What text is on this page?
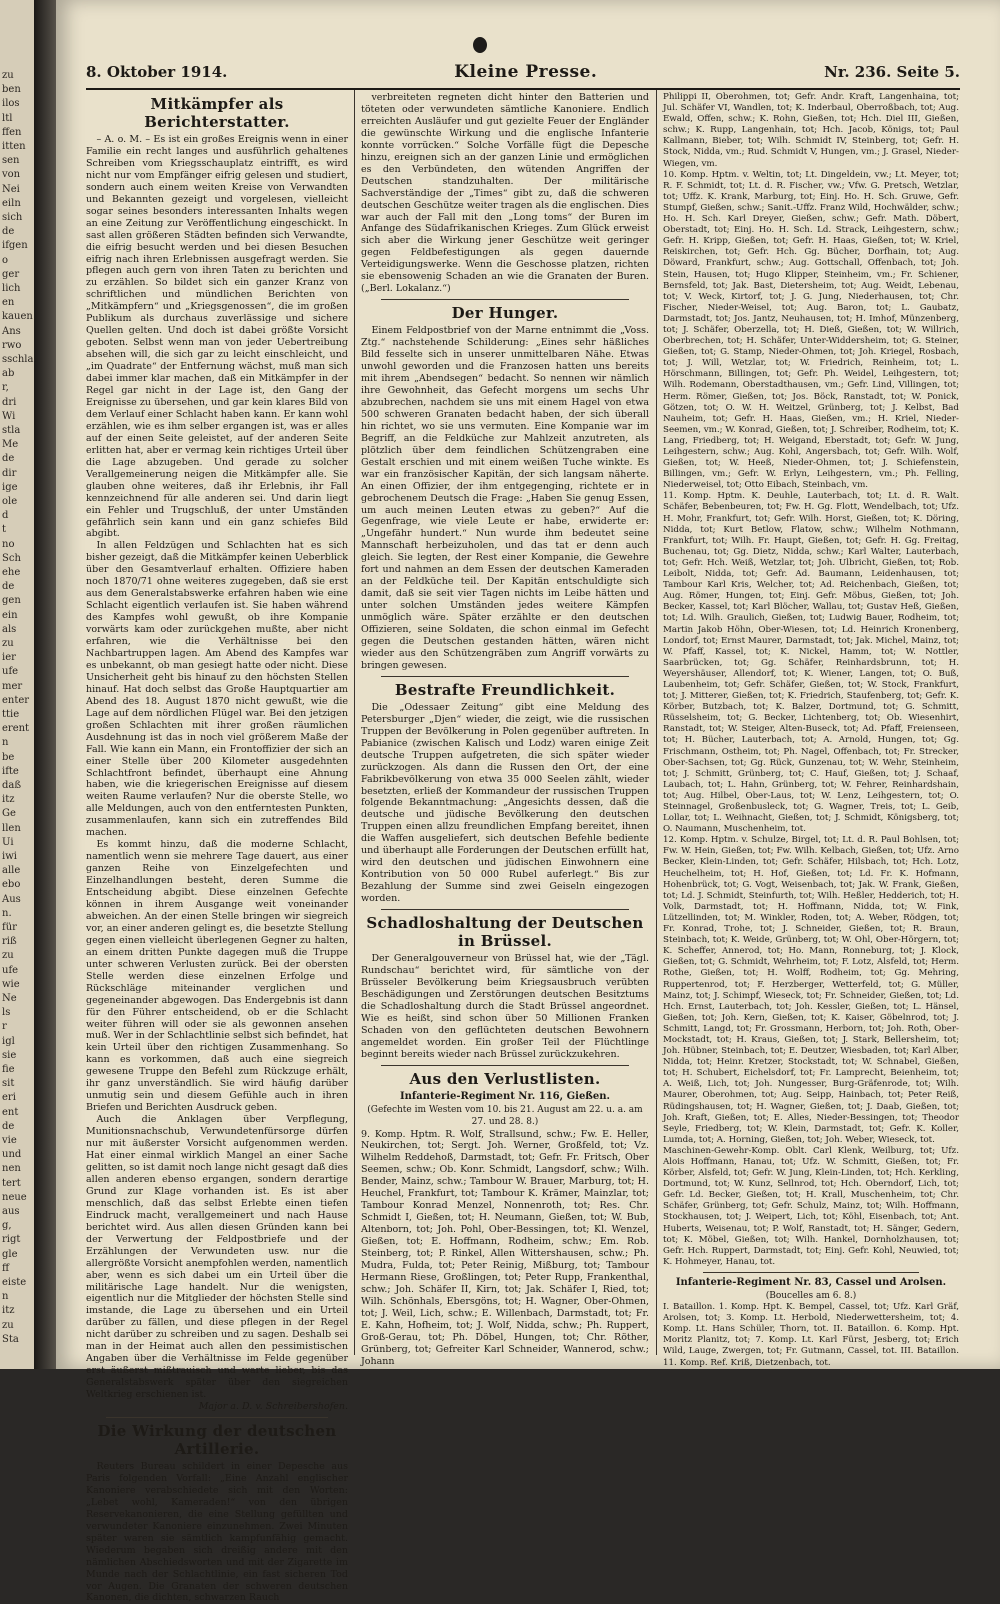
zu
ben
ilos
ltl
ffen
itten
sen
von
Nei
eiln
sich
de
ifgen
o
ger
lich
en
kauen
Ans
rwo
sschla
ab
r,
dri
Wi
stla
Me
de
dir
ige
ole
d
t
no
Sch
ehe
de
gen
ein
als
zu
ier
ufe
mer
enter
ttie
erent
n
be
ifte
daß
itz
Ge
llen
Ui
iwi
alle
ebo
Aus
n.
für
riß
zu
ufe
wie
Ne
ls
r
igl
sie
fie
sit
eri
ent
de
vie
und
nen
tert
neue
aus
g,
rigt
gle
ff
eiste
n
itz
zu
Sta
8. Oktober 1914.	Kleine Presse.	Nr. 236. Seite 5.
Mitkämpfer als Berichterstatter.

– A. o. M. – Es ist ein großes Ereignis wenn in einer Familie ein recht langes und ausführlich gehaltenes Schreiben vom Kriegsschauplatz eintrifft, es wird nicht nur vom Empfänger eifrig gelesen und studiert, sondern auch einem weiten Kreise von Verwandten und Bekannten gezeigt und vorgelesen, vielleicht sogar seines besonders interessanten Inhalts wegen an eine Zeitung zur Veröffentlichung eingeschickt. In sast allen größeren Städten befinden sich Verwandte, die eifrig besucht werden und bei diesen Besuchen eifrig nach ihren Erlebnissen ausgefragt werden. Sie pflegen auch gern von ihren Taten zu berichten und zu erzählen. So bildet sich ein ganzer Kranz von schriftlichen und mündlichen Berichten von „Mitkämpfern“ und „Kriegsgenossen“, die im großen Publikum als durchaus zuverlässige und sichere Quellen gelten. Und doch ist dabei größte Vorsicht geboten. Selbst wenn man von jeder Uebertreibung absehen will, die sich gar zu leicht einschleicht, und „im Quadrate“ der Entfernung wächst, muß man sich dabei immer klar machen, daß ein Mitkämpfer in der Regel gar nicht in der Lage ist, den Gang der Ereignisse zu übersehen, und gar kein klares Bild von dem Verlauf einer Schlacht haben kann. Er kann wohl erzählen, wie es ihm selber ergangen ist, was er alles auf der einen Seite geleistet, auf der anderen Seite erlitten hat, aber er vermag kein richtiges Urteil über die Lage abzugeben. Und gerade zu solcher Verallgemeinerung neigen die Mitkämpfer alle. Sie glauben ohne weiteres, daß ihr Erlebnis, ihr Fall kennzeichnend für alle anderen sei. Und darin liegt ein Fehler und Trugschluß, der unter Umständen gefährlich sein kann und ein ganz schiefes Bild abgibt.

In allen Feldzügen und Schlachten hat es sich bisher gezeigt, daß die Mitkämpfer keinen Ueberblick über den Gesamtverlauf erhalten. Offiziere haben noch 1870/71 ohne weiteres zugegeben, daß sie erst aus dem Generalstabswerke erfahren haben wie eine Schlacht eigentlich verlaufen ist. Sie haben während des Kampfes wohl gewußt, ob ihre Kompanie vorwärts kam oder zurückgehen mußte, aber nicht erfahren, wie die Verhältnisse bei den Nachbartruppen lagen. Am Abend des Kampfes war es unbekannt, ob man gesiegt hatte oder nicht. Diese Unsicherheit geht bis hinauf zu den höchsten Stellen hinauf. Hat doch selbst das Große Hauptquartier am Abend des 18. August 1870 nicht gewußt, wie die Lage auf dem nördlichen Flügel war. Bei den jetzigen großen Schlachten mit ihrer großen räumlichen Ausdehnung ist das in noch viel größerem Maße der Fall. Wie kann ein Mann, ein Frontoffizier der sich an einer Stelle über 200 Kilometer ausgedehnten Schlachtfront befindet, überhaupt eine Ahnung haben, wie die kriegerischen Ereignisse auf diesem weiten Raume verlaufen? Nur die oberste Stelle, wo alle Meldungen, auch von den entferntesten Punkten, zusammenlaufen, kann sich ein zutreffendes Bild machen.

Es kommt hinzu, daß die moderne Schlacht, namentlich wenn sie mehrere Tage dauert, aus einer ganzen Reihe von Einzelgefechten und Einzelhandlungen besteht, deren Summe die Entscheidung abgibt. Diese einzelnen Gefechte können in ihrem Ausgange weit voneinander abweichen. An der einen Stelle bringen wir siegreich vor, an einer anderen gelingt es, die besetzte Stellung gegen einen vielleicht überlegenen Gegner zu halten, an einem dritten Punkte dagegen muß die Truppe unter schweren Verlusten zurück. Bei der obersten Stelle werden diese einzelnen Erfolge und Rückschläge miteinander verglichen und gegeneinander abgewogen. Das Endergebnis ist dann für den Führer entscheidend, ob er die Schlacht weiter führen will oder sie als gewonnen ansehen muß. Wer in der Schlachtlinie selbst sich befindet, hat kein Urteil über den richtigen Zusammenhang. So kann es vorkommen, daß auch eine siegreich gewesene Truppe den Befehl zum Rückzuge erhält, ihr ganz unverständlich. Sie wird häufig darüber unmutig sein und diesem Gefühle auch in ihren Briefen und Berichten Ausdruck geben.

Auch die Anklagen über Verpflegung, Munitionsnachschub, Verwundetenfürsorge dürfen nur mit äußerster Vorsicht aufgenommen werden. Hat einer einmal wirklich Mangel an einer Sache gelitten, so ist damit noch lange nicht gesagt daß dies allen anderen ebenso ergangen, sondern derartige Grund zur Klage vorhanden ist. Es ist aber menschlich, daß das selbst Erlebte einen tiefen Eindruck macht, verallgemeinert und nach Hause berichtet wird. Aus allen diesen Gründen kann bei der Verwertung der Feldpostbriefe und der Erzählungen der Verwundeten usw. nur die allergrößte Vorsicht anempfohlen werden, namentlich aber, wenn es sich dabei um ein Urteil über die militärische Lage handelt. Nur die wenigsten, eigentlich nur die Mitglieder der höchsten Stelle sind imstande, die Lage zu übersehen und ein Urteil darüber zu fällen, und diese pflegen in der Regel nicht darüber zu schreiben und zu sagen. Deshalb sei man in der Heimat auch allen den pessimistischen Angaben über die Verhältnisse im Felde gegenüber erst äußerst mißtrauisch und warte lieber, bis das Generalstabswerk später über den siegreichen Weltkrieg erschienen ist.

Major a. D. v. Schreibershofen.

Die Wirkung der deutschen Artillerie.

Reuters Bureau schildert in einer Depesche aus Paris folgenden Vorfall: „Eine Anzahl englischer Kanoniere verabschiedete sich mit den Worten: „Lebet wohl, Kameraden!“ von den übrigen Reservekanonieren, die eine Stellung gefüllten und verwundeter Kanoniere einzunehmen. Zwei Minuten später waren sie sämtlich kampfunfähig gemacht. Wiederum begaben sich dreißig andere mit den nämlichen Abschiedsworten und mit der Zigarette im Munde nach der Schlachtlinie, ein fast sicheren Tod vor Augen. Die Granaten der schweren deutschen Kanonen, die dichten, schwarzen Rauch

verbreiteten regneten dicht hinter den Batterien und töteten oder verwundeten sämtliche Kanoniere. Endlich erreichten Ausläufer und gut gezielte Feuer der Engländer die gewünschte Wirkung und die englische Infanterie konnte vorrücken.“ Solche Vorfälle fügt die Depesche hinzu, ereignen sich an der ganzen Linie und ermöglichen es den Verbündeten, den wütenden Angriffen der Deutschen standzuhalten. Der militärische Sachverständige der „Times“ gibt zu, daß die schweren deutschen Geschütze weiter tragen als die englischen. Dies war auch der Fall mit den „Long toms“ der Buren im Anfange des Südafrikanischen Krieges. Zum Glück erweist sich aber die Wirkung jener Geschütze weit geringer gegen Feldbefestigungen als gegen dauernde Verteidigungswerke. Wenn die Geschosse platzen, richten sie ebensowenig Schaden an wie die Granaten der Buren. („Berl. Lokalanz.“)

Der Hunger.

Einem Feldpostbrief von der Marne entnimmt die „Voss. Ztg.“ nachstehende Schilderung: „Eines sehr häßliches Bild fesselte sich in unserer unmittelbaren Nähe. Etwas unwohl geworden und die Franzosen hatten uns bereits mit ihrem „Abendsegen“ bedacht. So nennen wir nämlich ihre Gewohnheit, das Gefecht morgens um sechs Uhr abzubrechen, nachdem sie uns mit einem Hagel von etwa 500 schweren Granaten bedacht haben, der sich überall hin richtet, wo sie uns vermuten. Eine Kompanie war im Begriff, an die Feldküche zur Mahlzeit anzutreten, als plötzlich über dem feindlichen Schützengraben eine Gestalt erschien und mit einem weißen Tuche winkte. Es war ein französischer Kapitän, der sich langsam näherte. An einen Offizier, der ihm entgegenging, richtete er in gebrochenem Deutsch die Frage: „Haben Sie genug Essen, um auch meinen Leuten etwas zu geben?“ Auf die Gegenfrage, wie viele Leute er habe, erwiderte er: „Ungefähr hundert.“ Nun wurde ihm bedeutet seine Mannschaft herbeizuholen, und das tat er denn auch gleich. Sie legten, der Rest einer Kompanie, die Gewehre fort und nahmen an dem Essen der deutschen Kameraden an der Feldküche teil. Der Kapitän entschuldigte sich damit, daß sie seit vier Tagen nichts im Leibe hätten und unter solchen Umständen jedes weitere Kämpfen unmöglich wäre. Später erzählte er den deutschen Offizieren, seine Soldaten, die schon einmal im Gefecht gegen die Deutschen gestanden hätten, wären nicht wieder aus den Schützengräben zum Angriff vorwärts zu bringen gewesen.

Bestrafte Freundlichkeit.

Die „Odessaer Zeitung“ gibt eine Meldung des Petersburger „Djen“ wieder, die zeigt, wie die russischen Truppen der Bevölkerung in Polen gegenüber auftreten. In Pabianice (zwischen Kalisch und Lodz) waren einige Zeit deutsche Truppen aufgetreten, die sich später wieder zurückzogen. Als dann die Russen den Ort, der eine Fabrikbevölkerung von etwa 35 000 Seelen zählt, wieder besetzten, erließ der Kommandeur der russischen Truppen folgende Bekanntmachung: „Angesichts dessen, daß die deutsche und jüdische Bevölkerung den deutschen Truppen einen allzu freundlichen Empfang bereitet, ihnen die Waffen ausgeliefert, sich deutschen Befehle bediente und überhaupt alle Forderungen der Deutschen erfüllt hat, wird den deutschen und jüdischen Einwohnern eine Kontribution von 50 000 Rubel auferlegt.“ Bis zur Bezahlung der Summe sind zwei Geiseln eingezogen worden.

Schadloshaltung der Deutschen in Brüssel.

Der Generalgouverneur von Brüssel hat, wie der „Tägl. Rundschau“ berichtet wird, für sämtliche von der Brüsseler Bevölkerung beim Kriegsausbruch verübten Beschädigungen und Zerstörungen deutschen Besitztums die Schadloshaltung durch die Stadt Brüssel angeordnet. Wie es heißt, sind schon über 50 Millionen Franken Schaden von den geflüchteten deutschen Bewohnern angemeldet worden. Ein großer Teil der Flüchtlinge beginnt bereits wieder nach Brüssel zurückzukehren.

Aus den Verlustlisten.
Infanterie-Regiment Nr. 116, Gießen.

(Gefechte im Westen vom 10. bis 21. August am 22. u. a. am 27. und 28. 8.)

9. Komp. Hptm. R. Wolf, Strallsund, schw.; Fw. E. Heller, Neukirchen, tot; Sergt. Joh. Werner, Großfeld, tot; Vz. Wilhelm Reddehoß, Darmstadt, tot; Gefr. Fr. Fritsch, Ober Seemen, schw.; Ob. Konr. Schmidt, Langsdorf, schw.; Wilh. Bender, Mainz, schw.; Tambour W. Brauer, Marburg, tot; H. Heuchel, Frankfurt, tot; Tambour K. Krämer, Mainzlar, tot; Tambour Konrad Menzel, Nonnenroth, tot; Res. Chr. Schmidt I, Gießen, tot; H. Neumann, Gießen, tot; W. Bub, Altenborn, tot; Joh. Pohl, Ober-Bessingen, tot; Kl. Wenzel, Gießen, tot; E. Hoffmann, Rodheim, schw.; Em. Rob. Steinberg, tot; P. Rinkel, Allen Wittershausen, schw.; Ph. Mudra, Fulda, tot; Peter Reinig, Mißburg, tot; Tambour Hermann Riese, Großlingen, tot; Peter Rupp, Frankenthal, schw.; Joh. Schäfer II, Kirn, tot; Jak. Schäfer I, Ried, tot; Wilh. Schönhals, Ebersgöns, tot; H. Wagner, Ober-Ohmen, tot; J. Weil, Lich, schw.; E. Willenbach, Darmstadt, tot; Fr. E. Kahn, Hofheim, tot; J. Wolf, Nidda, schw.; Ph. Ruppert, Groß-Gerau, tot; Ph. Döbel, Hungen, tot; Chr. Röther, Grünberg, tot; Gefreiter Karl Schneider, Wannerod, schw.; Johann

Philippi II, Oberohmen, tot; Gefr. Andr. Kraft, Langenhaina, tot; Jul. Schäfer VI, Wandlen, tot; K. Inderbaul, Oberroßbach, tot; Aug. Ewald, Offen, schw.; K. Rohn, Gießen, tot; Hch. Diel III, Gießen, schw.; K. Rupp, Langenhain, tot; Hch. Jacob, Königs, tot; Paul Kallmann, Bieber, tot; Wilh. Schmidt IV, Steinberg, tot; Gefr. H. Stock, Nidda, vm.; Rud. Schmidt V, Hungen, vm.; J. Grasel, Nieder-Wiegen, vm.

10. Komp. Hptm. v. Weltin, tot; Lt. Dingeldein, vw.; Lt. Meyer, tot; R. F. Schmidt, tot; Lt. d. R. Fischer, vw.; Vfw. G. Pretsch, Wetzlar, tot; Uffz. K. Krank, Marburg, tot; Einj. Ho. H. Sch. Gruwe, Gefr. Stumpf, Gießen, schw.; Sanit.-Uffz. Franz Wild, Hochwälder, schw.; Ho. H. Sch. Karl Dreyer, Gießen, schw.; Gefr. Math. Döbert, Oberstadt, tot; Einj. Ho. H. Sch. Ld. Strack, Leihgestern, schw.; Gefr. H. Kripp, Gießen, tot; Gefr. H. Haas, Gießen, tot; W. Kriel, Reiskirchen, tot; Gefr. Hch. Gg. Bücher, Dorfhain, tot; Aug. Döward, Frankfurt, schw.; Aug. Gottschall, Offenbach, tot; Joh. Stein, Hausen, tot; Hugo Klipper, Steinheim, vm.; Fr. Schiener, Bernsfeld, tot; Jak. Bast, Dietersheim, tot; Aug. Weidt, Lebenau, tot; V. Weck, Kirtorf, tot; J. G. Jung, Niederhausen, tot; Chr. Fischer, Nieder-Weisel, tot; Aug. Baron, tot; L. Gaubatz, Darmstadt, tot; Jos. Jantz, Neuhausen, tot; H. Imhof, Münzenberg, tot; J. Schäfer, Oberzella, tot; H. Dieß, Gießen, tot; W. Willrich, Oberbrechen, tot; H. Schäfer, Unter-Widdersheim, tot; G. Steiner, Gießen, tot; G. Stamp, Nieder-Ohmen, tot; Joh. Kriegel, Rosbach, tot; J. Will, Wetzlar, tot; W. Friedrich, Reinheim, tot; L. Hörschmann, Billingen, tot; Gefr. Ph. Weidel, Leihgestern, tot; Wilh. Rodemann, Oberstadthausen, vm.; Gefr. Lind, Villingen, tot; Herm. Römer, Gießen, tot; Jos. Böck, Ranstadt, tot; W. Ponick, Götzen, tot; O. W. H. Weitzel, Grünberg, tot; J. Kelbst, Bad Nauheim, tot; Gefr. H. Haas, Gießen, vm.; H. Kriel, Nieder-Seemen, vm.; W. Konrad, Gießen, tot; J. Schreiber, Rodheim, tot; K. Lang, Friedberg, tot; H. Weigand, Eberstadt, tot; Gefr. W. Jung, Leihgestern, schw.; Aug. Kohl, Angersbach, tot; Gefr. Wilh. Wolf, Gießen, tot; W. Heeß, Nieder-Ohmen, tot; J. Schiefenstein, Billingen, vm.; Gefr. W. Erlyn, Leihgestern, vm.; Ph. Felling, Niederweisel, tot; Otto Eibach, Steinbach, vm.

11. Komp. Hptm. K. Deuhle, Lauterbach, tot; Lt. d. R. Walt. Schäfer, Bebenbeuren, tot; Fw. H. Gg. Flott, Wendelbach, tot; Ufz. H. Mohr, Frankfurt, tot; Gefr. Wilh. Horst, Gießen, tot; K. Döring, Nidda, tot; Kurt Betlow, Flatow, schw.; Wilhelm Nothmann, Frankfurt, tot; Wilh. Fr. Haupt, Gießen, tot; Gefr. H. Gg. Freitag, Buchenau, tot; Gg. Dietz, Nidda, schw.; Karl Walter, Lauterbach, tot; Gefr. Hch. Weiß, Wetzlar, tot; Joh. Ulbricht, Gießen, tot; Rob. Leibolt, Nidda, tot; Gefr. Ad. Baumann, Leidenhausen, tot; Tambour Karl Kris, Welcher, tot; Ad. Reichenbach, Gießen, tot; Aug. Römer, Hungen, tot; Einj. Gefr. Möbus, Gießen, tot; Joh. Becker, Kassel, tot; Karl Blöcher, Wallau, tot; Gustav Heß, Gießen, tot; Ld. Wilh. Graulich, Gießen, tot; Ludwig Bauer, Rodheim, tot; Martin Jakob Höhn, Ober-Wiesen, tot; Ld. Heinrich Kronenberg, Londorf, tot; Ernst Maurer, Darmstadt, tot; Jak. Michel, Mainz, tot; W. Pfaff, Kassel, tot; K. Nickel, Hamm, tot; W. Nottler, Saarbrücken, tot; Gg. Schäfer, Reinhardsbrunn, tot; H. Weyershäuser, Allendorf, tot; K. Wiener, Langen, tot; O. Buß, Laubenheim, tot; Gefr. Schäfer, Gießen, tot; W. Stock, Frankfurt, tot; J. Mitterer, Gießen, tot; K. Friedrich, Staufenberg, tot; Gefr. K. Körber, Butzbach, tot; K. Balzer, Dortmund, tot; G. Schmitt, Rüsselsheim, tot; G. Becker, Lichtenberg, tot; Ob. Wiesenhirt, Ranstadt, tot; W. Steiger, Alten-Buseck, tot; Ad. Pfaff, Freienseen, tot; H. Bücher, Lauterbach, tot; A. Arnold, Hungen, tot; Gg. Frischmann, Ostheim, tot; Ph. Nagel, Offenbach, tot; Fr. Strecker, Ober-Sachsen, tot; Gg. Rück, Gunzenau, tot; W. Wehr, Steinheim, tot; J. Schmitt, Grünberg, tot; C. Hauf, Gießen, tot; J. Schaaf, Laubach, tot; L. Hahn, Grünberg, tot; W. Fehrer, Reinhardshain, tot; Aug. Hilbel, Ober-Laus, tot; W. Lenz, Leihgestern, tot; O. Steinnagel, Großenbusleck, tot; G. Wagner, Treis, tot; L. Geib, Lollar, tot; L. Weihnacht, Gießen, tot; J. Schmidt, Königsberg, tot; O. Naumann, Muschenheim, tot.

12. Komp. Hptm. v. Schulze, Birgel, tot; Lt. d. R. Paul Bohlsen, tot; Fw. W. Hein, Gießen, tot; Fw. Wilh. Kelbach, Gießen, tot; Ufz. Arno Becker, Klein-Linden, tot; Gefr. Schäfer, Hilsbach, tot; Hch. Lotz, Heuchelheim, tot; H. Hof, Gießen, tot; Ld. Fr. K. Hofmann, Hohenbrück, tot; G. Vogt, Weisenbach, tot; Jak. W. Frank, Gießen, tot; Ld. J. Schmidt, Steinfurth, tot; Wilh. Heßler, Hedderich, tot; H. Volk, Darmstadt, tot; H. Hoffmann, Nidda, tot; W. Fink, Lützellinden, tot; M. Winkler, Roden, tot; A. Weber, Rödgen, tot; Fr. Konrad, Trohe, tot; J. Schneider, Gießen, tot; R. Braun, Steinbach, tot; K. Weide, Grünberg, tot; W. Ohl, Ober-Hörgern, tot; K. Scheffer, Annerod, tot; Ho. Mann, Ronneburg, tot; J. Klock, Gießen, tot; G. Schmidt, Wehrheim, tot; F. Lotz, Alsfeld, tot; Herm. Rothe, Gießen, tot; H. Wolff, Rodheim, tot; Gg. Mehring, Ruppertenrod, tot; F. Herzberger, Wetterfeld, tot; G. Müller, Mainz, tot; J. Schimpf, Wieseck, tot; Fr. Schneider, Gießen, tot; Ld. Hch. Ernst, Lauterbach, tot; Joh. Kessler, Gießen, tot; L. Hänsel, Gießen, tot; Joh. Kern, Gießen, tot; K. Kaiser, Göbelnrod, tot; J. Schmitt, Langd, tot; Fr. Grossmann, Herborn, tot; Joh. Roth, Ober-Mockstadt, tot; H. Kraus, Gießen, tot; J. Stark, Bellersheim, tot; Joh. Hübner, Steinbach, tot; E. Deutzer, Wiesbaden, tot; Karl Alber, Nidda, tot; Heinr. Kretzer, Stockstadt, tot; W. Schnabel, Gießen, tot; H. Schubert, Eichelsdorf, tot; Fr. Lamprecht, Beienheim, tot; A. Weiß, Lich, tot; Joh. Nungesser, Burg-Gräfenrode, tot; Wilh. Maurer, Oberohmen, tot; Aug. Seipp, Hainbach, tot; Peter Reiß, Rüdingshausen, tot; H. Wagner, Gießen, tot; J. Daab, Gießen, tot; Joh. Kraft, Gießen, tot; E. Alles, Nieder-Bessingen, tot; Theodor Seyle, Friedberg, tot; W. Klein, Darmstadt, tot; Gefr. K. Koller, Lumda, tot; A. Horning, Gießen, tot; Joh. Weber, Wieseck, tot.

Maschinen-Gewehr-Komp. Oblt. Carl Klenk, Weilburg, tot; Ufz. Alois Hoffmann, Hanau, tot; Ufz. W. Schmitt, Gießen, tot; Fr. Körber, Alsfeld, tot; Gefr. W. Jung, Klein-Linden, tot; Hch. Kerkling, Dortmund, tot; W. Kunz, Sellnrod, tot; Hch. Oberndorf, Lich, tot; Gefr. Ld. Becker, Gießen, tot; H. Krall, Muschenheim, tot; Chr. Schäfer, Grünberg, tot; Gefr. Schulz, Mainz, tot; Wilh. Hoffmann, Stockhausen, tot; J. Weipert, Lich, tot; Köhl, Eisenbach, tot; Ant. Huberts, Weisenau, tot; P. Wolf, Ranstadt, tot; H. Sänger, Gedern, tot; K. Möbel, Gießen, tot; Wilh. Hankel, Dornholzhausen, tot; Gefr. Hch. Ruppert, Darmstadt, tot; Einj. Gefr. Kohl, Neuwied, tot; K. Hohmeyer, Hanau, tot.

Infanterie-Regiment Nr. 83, Cassel und Arolsen.

(Boucelles am 6. 8.)

I. Bataillon. 1. Komp. Hpt. K. Bempel, Cassel, tot; Ufz. Karl Gräf, Arolsen, tot; 3. Komp. Lt. Herbold, Niederwettersheim, tot; 4. Komp. Lt. Hans Schüler, Thorn, tot. II. Bataillon. 6. Komp. Hpt. Moritz Planitz, tot; 7. Komp. Lt. Karl Fürst, Jesberg, tot; Erich Wild, Lauge, Zwergen, tot; Fr. Gutmann, Cassel, tot. III. Bataillon. 11. Komp. Ref. Kriß, Dietzenbach, tot.
